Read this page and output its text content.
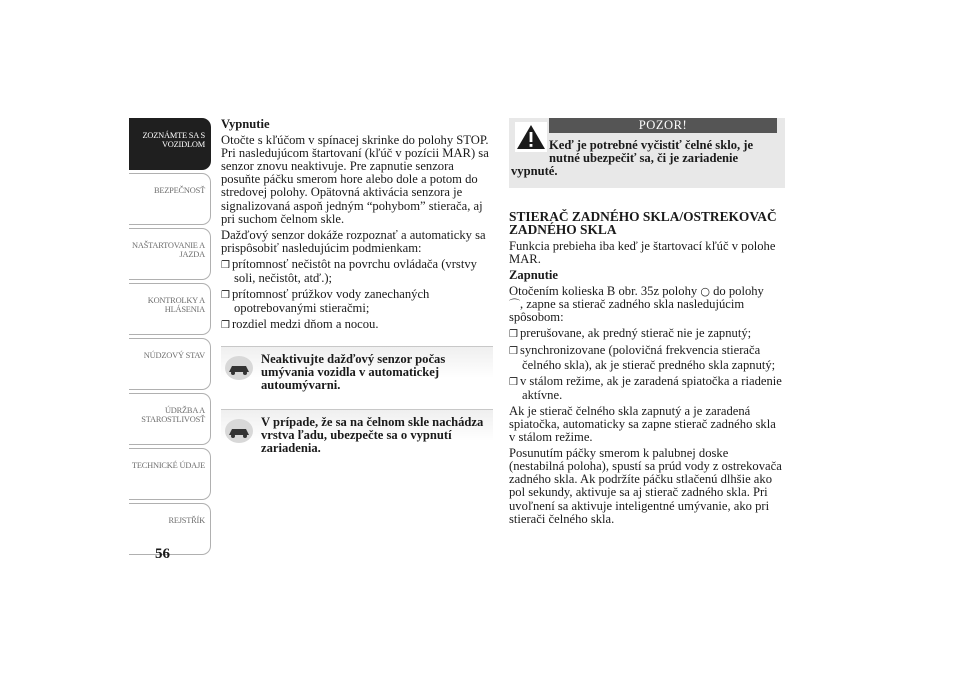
ZOZNÁMTE SA S VOZIDLOM
BEZPEČNOSŤ
NAŠTARTOVANIE A JAZDA
KONTROLKY A HLÁSENIA
NÚDZOVÝ STAV
ÚDRŽBA A STAROSTLIVOSŤ
TECHNICKÉ ÚDAJE
REJSTŘÍK
56

Vypnutie

Otočte s kľúčom v spínacej skrinke do polohy STOP. Pri nasledujúcom štartovaní (kľúč v pozícii MAR) sa senzor znovu neaktivuje. Pre zapnutie senzora posuňte páčku smerom hore alebo dole a potom do stredovej polohy. Opätovná aktivácia senzora je signalizovaná aspoň jedným “pohybom” stierača, aj pri suchom čelnom skle.

Dažďový senzor dokáže rozpoznať a automaticky sa prispôsobiť nasledujúcim podmienkam:

❒ prítomnosť nečistôt na povrchu ovládača (vrstvy soli, nečistôt, atď.);

❒ prítomnosť prúžkov vody zanechaných opotrebovanými stieračmi;

❒ rozdiel medzi dňom a nocou.

Neaktivujte dažďový senzor počas umývania vozidla v automatickej autoumývarni.
V prípade, že sa na čelnom skle nachádza vrstva ľadu, ubezpečte sa o vypnutí zariadenia.
POZOR!
Keď je potrebné vyčistiť čelné sklo, je nutné ubezpečiť sa, či je zariadenie
vypnuté.

STIERAČ ZADNÉHO SKLA/OSTREKOVAČ ZADNÉHO SKLA

Funkcia prebieha iba keď je štartovací kľúč v polohe MAR.

Zapnutie

Otočením kolieska B obr. 35z polohy ○ do polohy
⌒, zapne sa stierač zadného skla nasledujúcim spôsobom:

❒ prerušovane, ak predný stierač nie je zapnutý;

❒ synchronizovane (polovičná frekvencia stierača čelného skla), ak je stierač predného skla zapnutý;

❒ v stálom režime, ak je zaradená spiatočka a riadenie aktívne.

Ak je stierač čelného skla zapnutý a je zaradená spiatočka, automaticky sa zapne stierač zadného skla v stálom režime.

Posunutím páčky smerom k palubnej doske (nestabilná poloha), spustí sa prúd vody z ostrekovača zadného skla. Ak podržíte páčku stlačenú dlhšie ako pol sekundy, aktivuje sa aj stierač zadného skla. Pri uvoľnení sa aktivuje inteligentné umývanie, ako pri stierači čelného skla.
